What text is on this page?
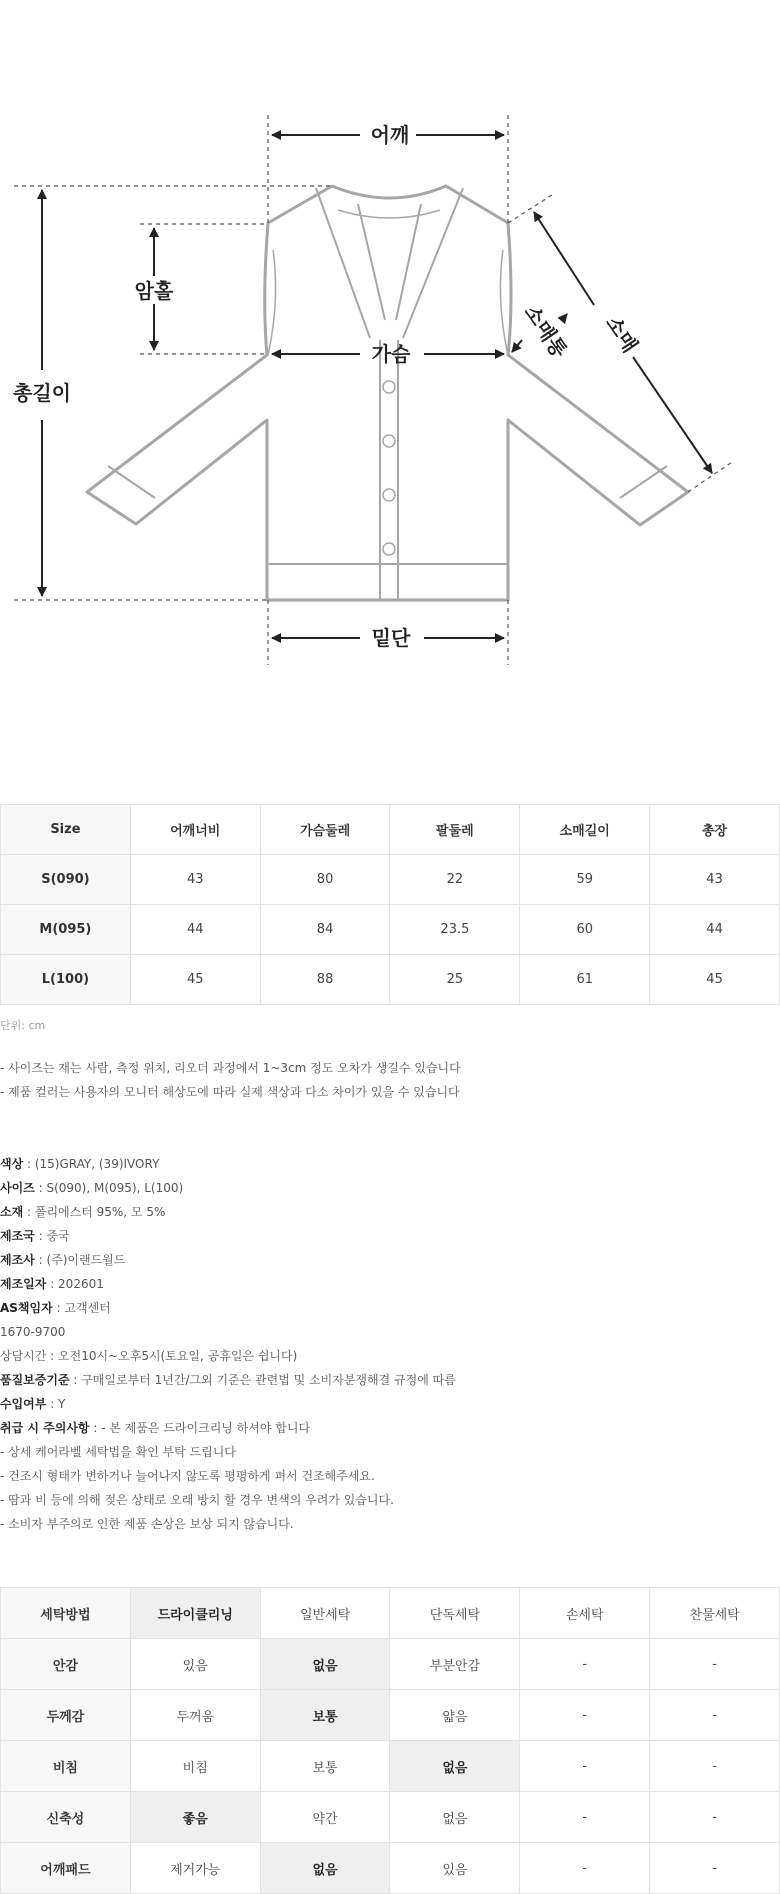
어깨
암홀
가슴
총길이
밑단
소매통 소매
Size	어깨너비	가슴둘레	팔둘레	소매길이	총장
S(090)	43	80	22	59	43
M(095)	44	84	23.5	60	44
L(100)	45	88	25	61	45
단위: cm
- 사이즈는 재는 사람, 측정 위치, 리오더 과정에서 1~3cm 정도 오차가 생길수 있습니다
- 제품 컬러는 사용자의 모니터 해상도에 따라 실제 색상과 다소 차이가 있을 수 있습니다
색상 : (15)GRAY, (39)IVORY
사이즈 : S(090), M(095), L(100)
소재 : 폴리에스터 95%, 모 5%
제조국 : 중국
제조사 : (주)이랜드월드
제조일자 : 202601
AS책임자 : 고객센터
1670-9700
상담시간 : 오전10시~오후5시(토요일, 공휴일은 쉽니다)
품질보증기준 : 구매일로부터 1년간/그외 기준은 관련법 및 소비자분쟁해결 규정에 따름
수입여부 : Y
취급 시 주의사항 : - 본 제품은 드라이크리닝 하셔야 합니다
- 상세 케어라벨 세탁법을 확인 부탁 드립니다
- 건조시 형태가 변하거나 늘어나지 않도록 평평하게 펴서 건조해주세요.
- 땀과 비 등에 의해 젖은 상태로 오래 방치 할 경우 변색의 우려가 있습니다.
- 소비자 부주의로 인한 제품 손상은 보상 되지 않습니다.
세탁방법	드라이클리닝	일반세탁	단독세탁	손세탁	찬물세탁
안감	있음	없음	부분안감	-	-
두께감	두꺼움	보통	얇음	-	-
비침	비침	보통	없음	-	-
신축성	좋음	약간	없음	-	-
어깨패드	제거가능	없음	있음	-	-
